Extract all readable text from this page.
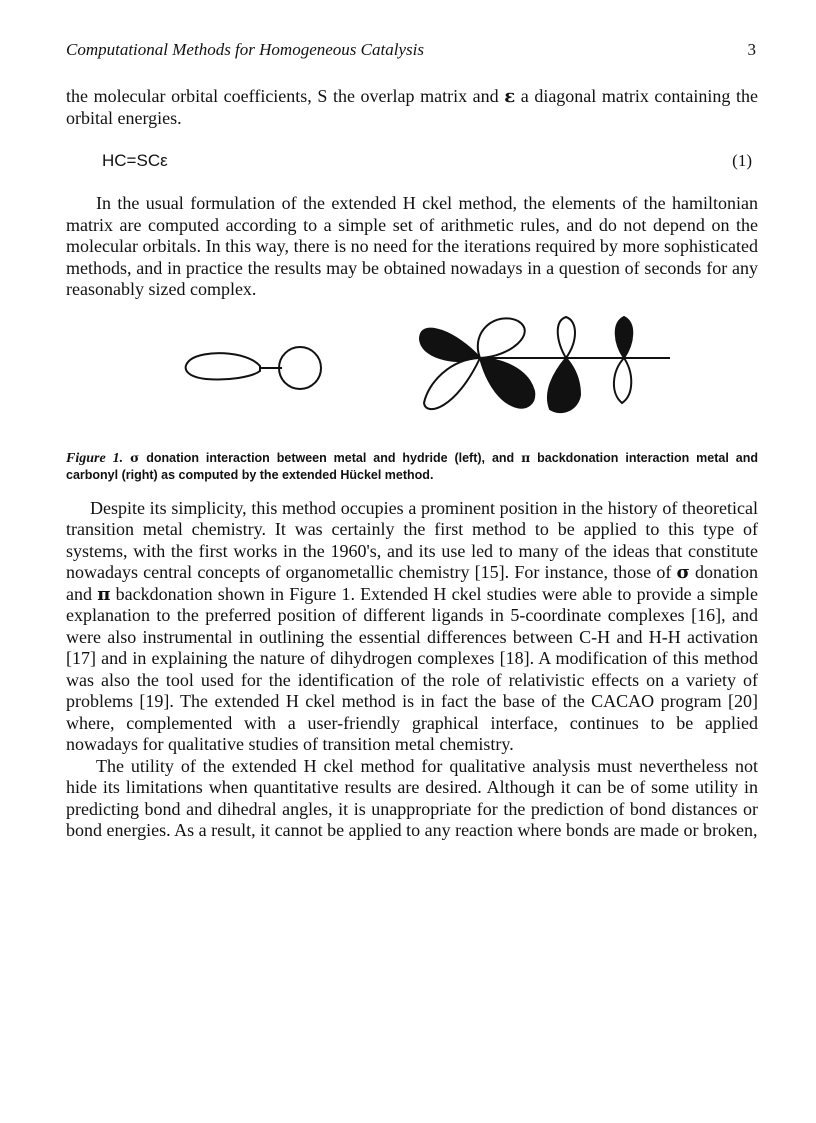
Computational Methods for Homogeneous Catalysis	3

the molecular orbital coefficients, S the overlap matrix and ε a diagonal matrix containing the orbital energies.

HC=SCε	(1)

In the usual formulation of the extended H ckel method, the elements of the hamiltonian matrix are computed according to a simple set of arithmetic rules, and do not depend on the molecular orbitals. In this way, there is no need for the iterations required by more sophisticated methods, and in practice the results may be obtained nowadays in a question of seconds for any reasonably sized complex.

Figure 1. σ donation interaction between metal and hydride (left), and π backdonation interaction metal and carbonyl (right) as computed by the extended Hückel method.

Despite its simplicity, this method occupies a prominent position in the history of theoretical transition metal chemistry. It was certainly the first method to be applied to this type of systems, with the first works in the 1960's, and its use led to many of the ideas that constitute nowadays central concepts of organometallic chemistry [15]. For instance, those of σ donation and π backdonation shown in Figure 1. Extended H ckel studies were able to provide a simple explanation to the preferred position of different ligands in 5-coordinate complexes [16], and were also instrumental in outlining the essential differences between C-H and H-H activation [17] and in explaining the nature of dihydrogen complexes [18]. A modification of this method was also the tool used for the identification of the role of relativistic effects on a variety of problems [19]. The extended H ckel method is in fact the base of the CACAO program [20] where, complemented with a user-friendly graphical interface, continues to be applied nowadays for qualitative studies of transition metal chemistry.

The utility of the extended H ckel method for qualitative analysis must nevertheless not hide its limitations when quantitative results are desired. Although it can be of some utility in predicting bond and dihedral angles, it is unappropriate for the prediction of bond distances or bond energies. As a result, it cannot be applied to any reaction where bonds are made or broken,
